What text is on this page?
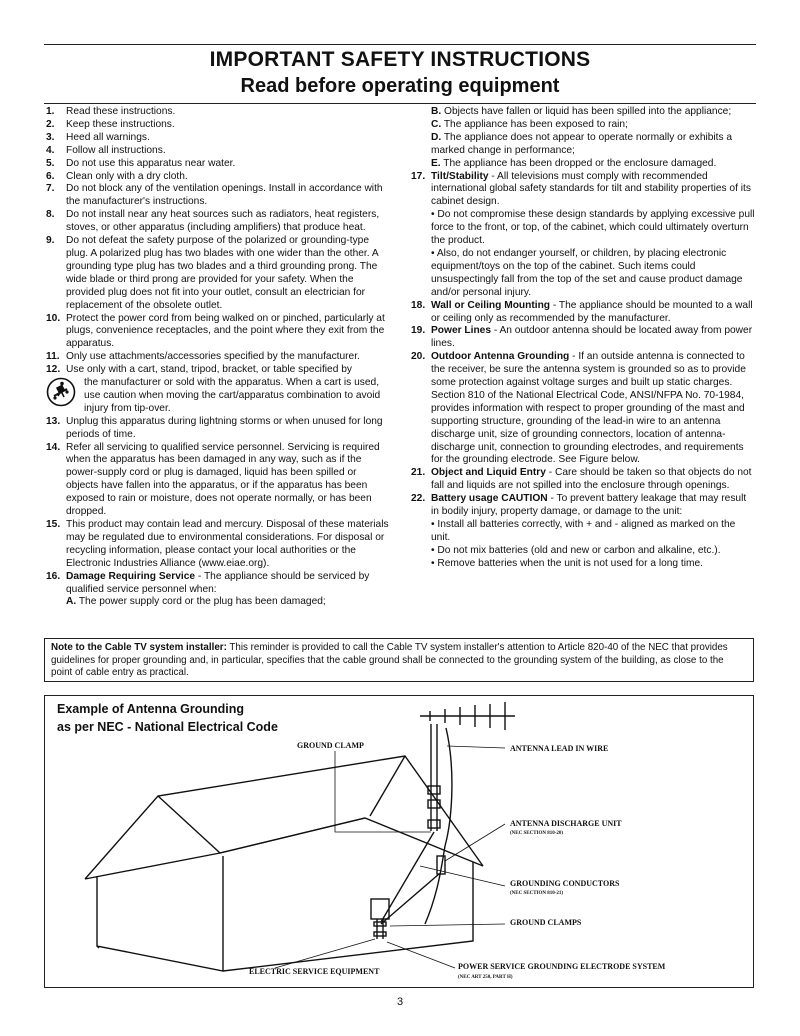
IMPORTANT SAFETY INSTRUCTIONS
Read before operating equipment
1.	Read these instructions.
2.	Keep these instructions.
3.	Heed all warnings.
4.	Follow all instructions.
5.	Do not use this apparatus near water.
6.	Clean only with a dry cloth.
7.	Do not block any of the ventilation openings. Install in accordance with the manufacturer's instructions.
8.	Do not install near any heat sources such as radiators, heat registers, stoves, or other apparatus (including amplifiers) that produce heat.
9.	Do not defeat the safety purpose of the polarized or grounding-type plug. A polarized plug has two blades with one wider than the other. A grounding type plug has two blades and a third grounding prong. The wide blade or third prong are provided for your safety. When the provided plug does not fit into your outlet, consult an electrician for replacement of the obsolete outlet.
10. Protect the power cord from being walked on or pinched, particularly at plugs, convenience receptacles, and the point where they exit from the apparatus.
11. Only use attachments/accessories specified by the manufacturer.
12. Use only with a cart, stand, tripod, bracket, or table specified by
the manufacturer or sold with the apparatus. When a cart is used, use caution when moving the cart/apparatus combination to avoid injury from tip-over.
13. Unplug this apparatus during lightning storms or when unused for long periods of time.
14. Refer all servicing to qualified service personnel. Servicing is required when the apparatus has been damaged in any way, such as if the power-supply cord or plug is damaged, liquid has been spilled or objects have fallen into the apparatus, or if the apparatus has been exposed to rain or moisture, does not operate normally, or has been dropped.
15. This product may contain lead and mercury. Disposal of these materials may be regulated due to environmental considerations. For disposal or recycling information, please contact your local authorities or the Electronic Industries Alliance (www.eiae.org).
16. Damage Requiring Service - The appliance should be serviced by qualified service personnel when:
A. The power supply cord or the plug has been damaged;
B. Objects have fallen or liquid has been spilled into the appliance;
C. The appliance has been exposed to rain;
D. The appliance does not appear to operate normally or exhibits a marked change in performance;
E. The appliance has been dropped or the enclosure damaged.
17. Tilt/Stability - All televisions must comply with recommended international global safety standards for tilt and stability properties of its cabinet design.
• Do not compromise these design standards by applying excessive pull force to the front, or top, of the cabinet, which could ultimately overturn the product.
• Also, do not endanger yourself, or children, by placing electronic equipment/toys on the top of the cabinet. Such items could unsuspectingly fall from the top of the set and cause product damage and/or personal injury.
18. Wall or Ceiling Mounting - The appliance should be mounted to a wall or ceiling only as recommended by the manufacturer.
19. Power Lines - An outdoor antenna should be located away from power lines.
20. Outdoor Antenna Grounding - If an outside antenna is connected to the receiver, be sure the antenna system is grounded so as to provide some protection against voltage surges and built up static charges.
Section 810 of the National Electrical Code, ANSI/NFPA No. 70-1984, provides information with respect to proper grounding of the mast and supporting structure, grounding of the lead-in wire to an antenna discharge unit, size of grounding connectors, location of antenna-discharge unit, connection to grounding electrodes, and requirements for the grounding electrode. See Figure below.
21. Object and Liquid Entry - Care should be taken so that objects do not fall and liquids are not spilled into the enclosure through openings.
22. Battery usage CAUTION - To prevent battery leakage that may result in bodily injury, property damage, or damage to the unit:
• Install all batteries correctly, with + and - aligned as marked on the unit.
• Do not mix batteries (old and new or carbon and alkaline, etc.).
• Remove batteries when the unit is not used for a long time.
Note to the Cable TV system installer: This reminder is provided to call the Cable TV system installer's attention to Article 820-40 of the NEC that provides guidelines for proper grounding and, in particular, specifies that the cable ground shall be connected to the grounding system of the building, as close to the point of cable entry as practical.
Example of Antenna Grounding
as per NEC - National Electrical Code
GROUND CLAMP	ANTENNA LEAD IN WIRE
ANTENNA DISCHARGE UNIT
(NEC SECTION 810-20)
GROUNDING CONDUCTORS
(NEC SECTION 810-21)
GROUND CLAMPS
ELECTRIC SERVICE EQUIPMENT
POWER SERVICE GROUNDING ELECTRODE SYSTEM
(NEC ART 250, PART H)
3
